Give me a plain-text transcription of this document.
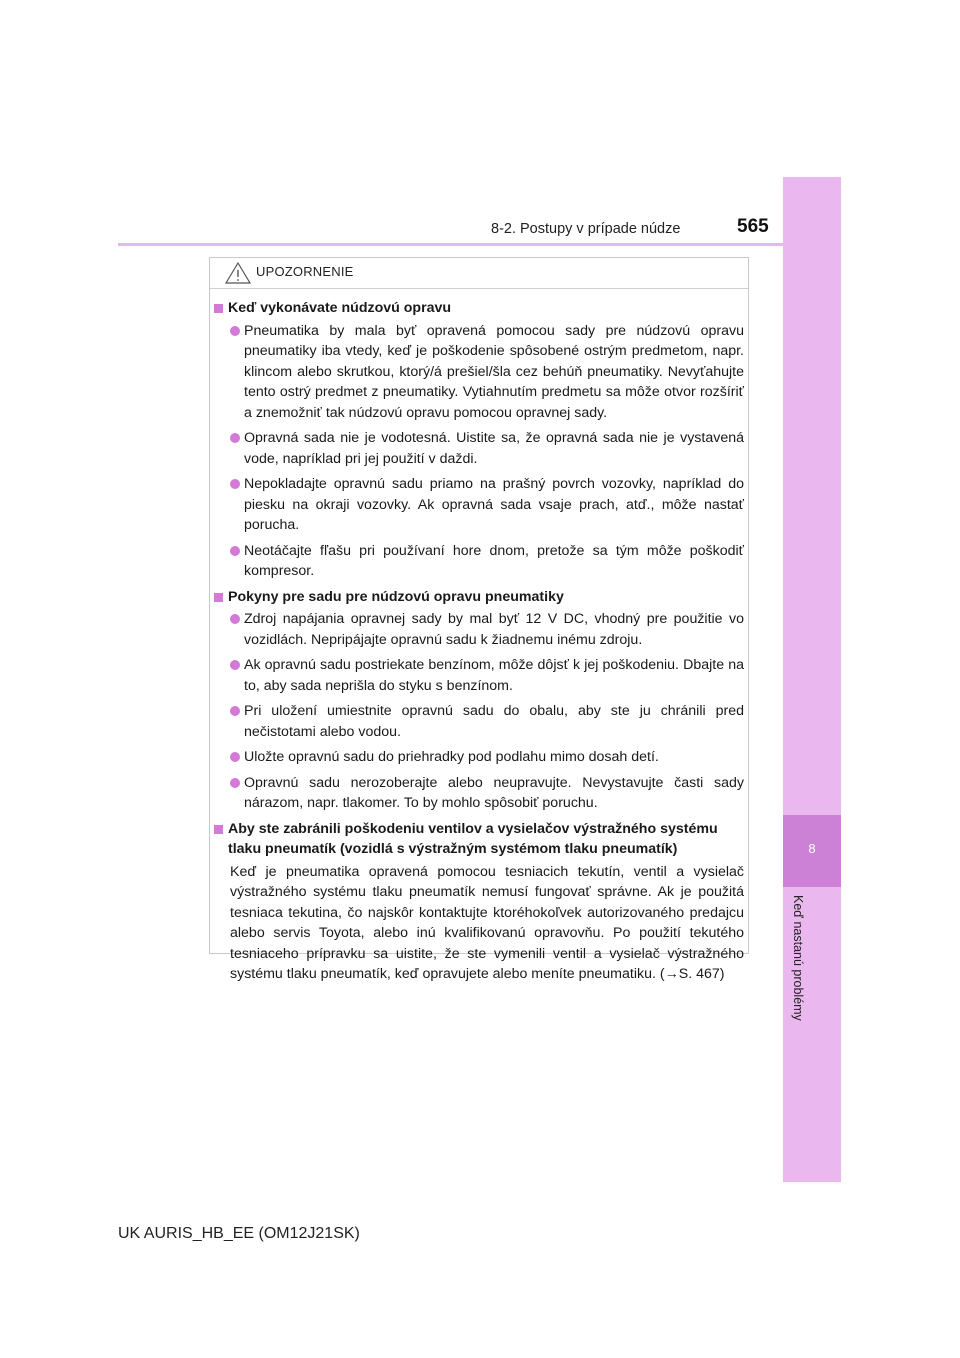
8-2. Postupy v prípade núdze	565
8
Keď nastanú problémy
UPOZORNENIE

Keď vykonávate núdzovú opravu

Pneumatika by mala byť opravená pomocou sady pre núdzovú opravu pneumatiky iba vtedy, keď je poškodenie spôsobené ostrým predmetom, napr. klincom alebo skrutkou, ktorý/á prešiel/šla cez behúň pneumatiky. Nevyťahujte tento ostrý predmet z pneumatiky. Vytiahnutím predmetu sa môže otvor rozšíriť a znemožniť tak núdzovú opravu pomocou opravnej sady.

Opravná sada nie je vodotesná. Uistite sa, že opravná sada nie je vystavená vode, napríklad pri jej použití v daždi.

Nepokladajte opravnú sadu priamo na prašný povrch vozovky, napríklad do piesku na okraji vozovky. Ak opravná sada vsaje prach, atď., môže nastať porucha.

Neotáčajte fľašu pri používaní hore dnom, pretože sa tým môže poškodiť kompresor.

Pokyny pre sadu pre núdzovú opravu pneumatiky

Zdroj napájania opravnej sady by mal byť 12 V DC, vhodný pre použitie vo vozidlách. Nepripájajte opravnú sadu k žiadnemu inému zdroju.

Ak opravnú sadu postriekate benzínom, môže dôjsť k jej poškodeniu. Dbajte na to, aby sada neprišla do styku s benzínom.

Pri uložení umiestnite opravnú sadu do obalu, aby ste ju chránili pred nečistotami alebo vodou.

Uložte opravnú sadu do priehradky pod podlahu mimo dosah detí.

Opravnú sadu nerozoberajte alebo neupravujte. Nevystavujte časti sady nárazom, napr. tlakomer. To by mohlo spôsobiť poruchu.

Aby ste zabránili poškodeniu ventilov a vysielačov výstražného systému tlaku pneumatík (vozidlá s výstražným systémom tlaku pneumatík)

Keď je pneumatika opravená pomocou tesniacich tekutín, ventil a vysielač výstražného systému tlaku pneumatík nemusí fungovať správne. Ak je použitá tesniaca tekutina, čo najskôr kontaktujte ktoréhokoľvek autorizovaného predajcu alebo servis Toyota, alebo inú kvalifikovanú opravovňu. Po použití tekutého tesniaceho prípravku sa uistite, že ste vymenili ventil a vysielač výstražného systému tlaku pneumatík, keď opravujete alebo meníte pneumatiku. (→S. 467)
UK AURIS_HB_EE (OM12J21SK)
